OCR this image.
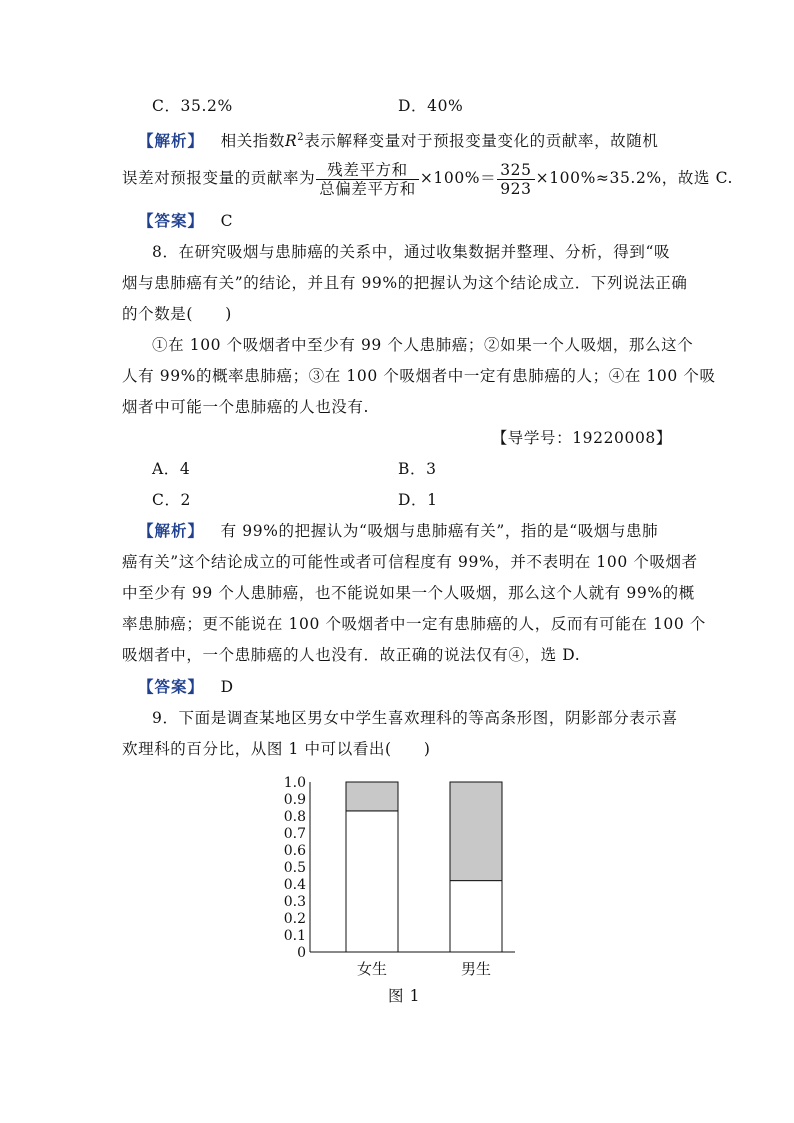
C．35.2%	D．40%
【解析】 相关指数$R^2$表示解释变量对于预报变量变化的贡献率，故随机
误差对预报变量的贡献率为 $\frac{\text{残差平方和}}{\text{总偏差平方和}} \times 100\%= \frac{325}{923} \times 100\%\approx 35.2\%$，故选 C.
【答案】 C
8．在研究吸烟与患肺癌的关系中，通过收集数据并整理、分析，得到“吸
烟与患肺癌有关”的结论，并且有 99%的把握认为这个结论成立．下列说法正确
的个数是(　　)
①在 100 个吸烟者中至少有 99 个人患肺癌；②如果一个人吸烟，那么这个
人有 99%的概率患肺癌；③在 100 个吸烟者中一定有患肺癌的人；④在 100 个吸
烟者中可能一个患肺癌的人也没有.
【导学号：19220008】
A．4	B．3
C．2	D．1
【解析】 有 99%的把握认为“吸烟与患肺癌有关”，指的是“吸烟与患肺
癌有关”这个结论成立的可能性或者可信程度有 99%，并不表明在 100 个吸烟者
中至少有 99 个人患肺癌，也不能说如果一个人吸烟，那么这个人就有 99%的概
率患肺癌；更不能说在 100 个吸烟者中一定有患肺癌的人，反而有可能在 100 个
吸烟者中，一个患肺癌的人也没有．故正确的说法仅有④，选 D.
【答案】 D
9．下面是调查某地区男女中学生喜欢理科的等高条形图，阴影部分表示喜
欢理科的百分比，从图 1 中可以看出(　　)
0
0.1
0.2
0.3
0.4
0.5
0.6
0.7
0.8
0.9
1.0
女生	男生
图 1
